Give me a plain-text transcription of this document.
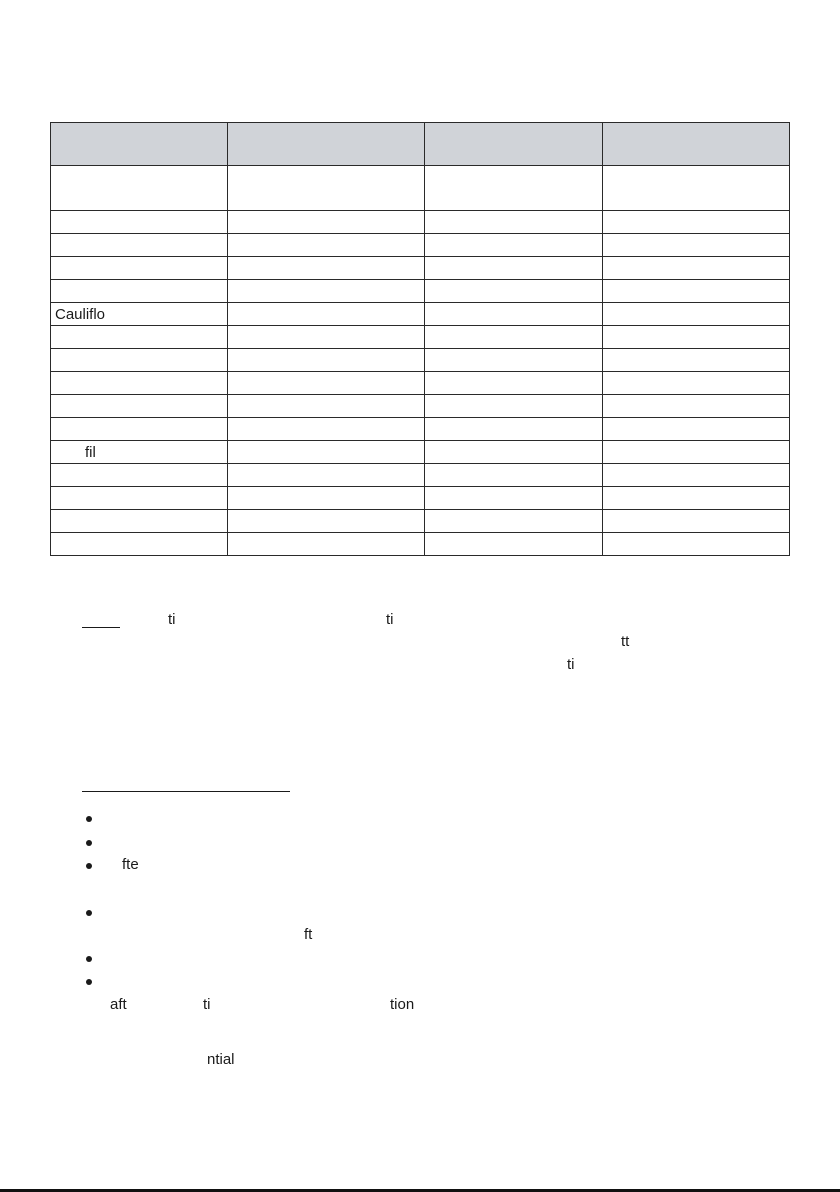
Cauliflo			

fil			

ti	ti
tt
ti
fte
ft
aft	ti	tion
ntial
